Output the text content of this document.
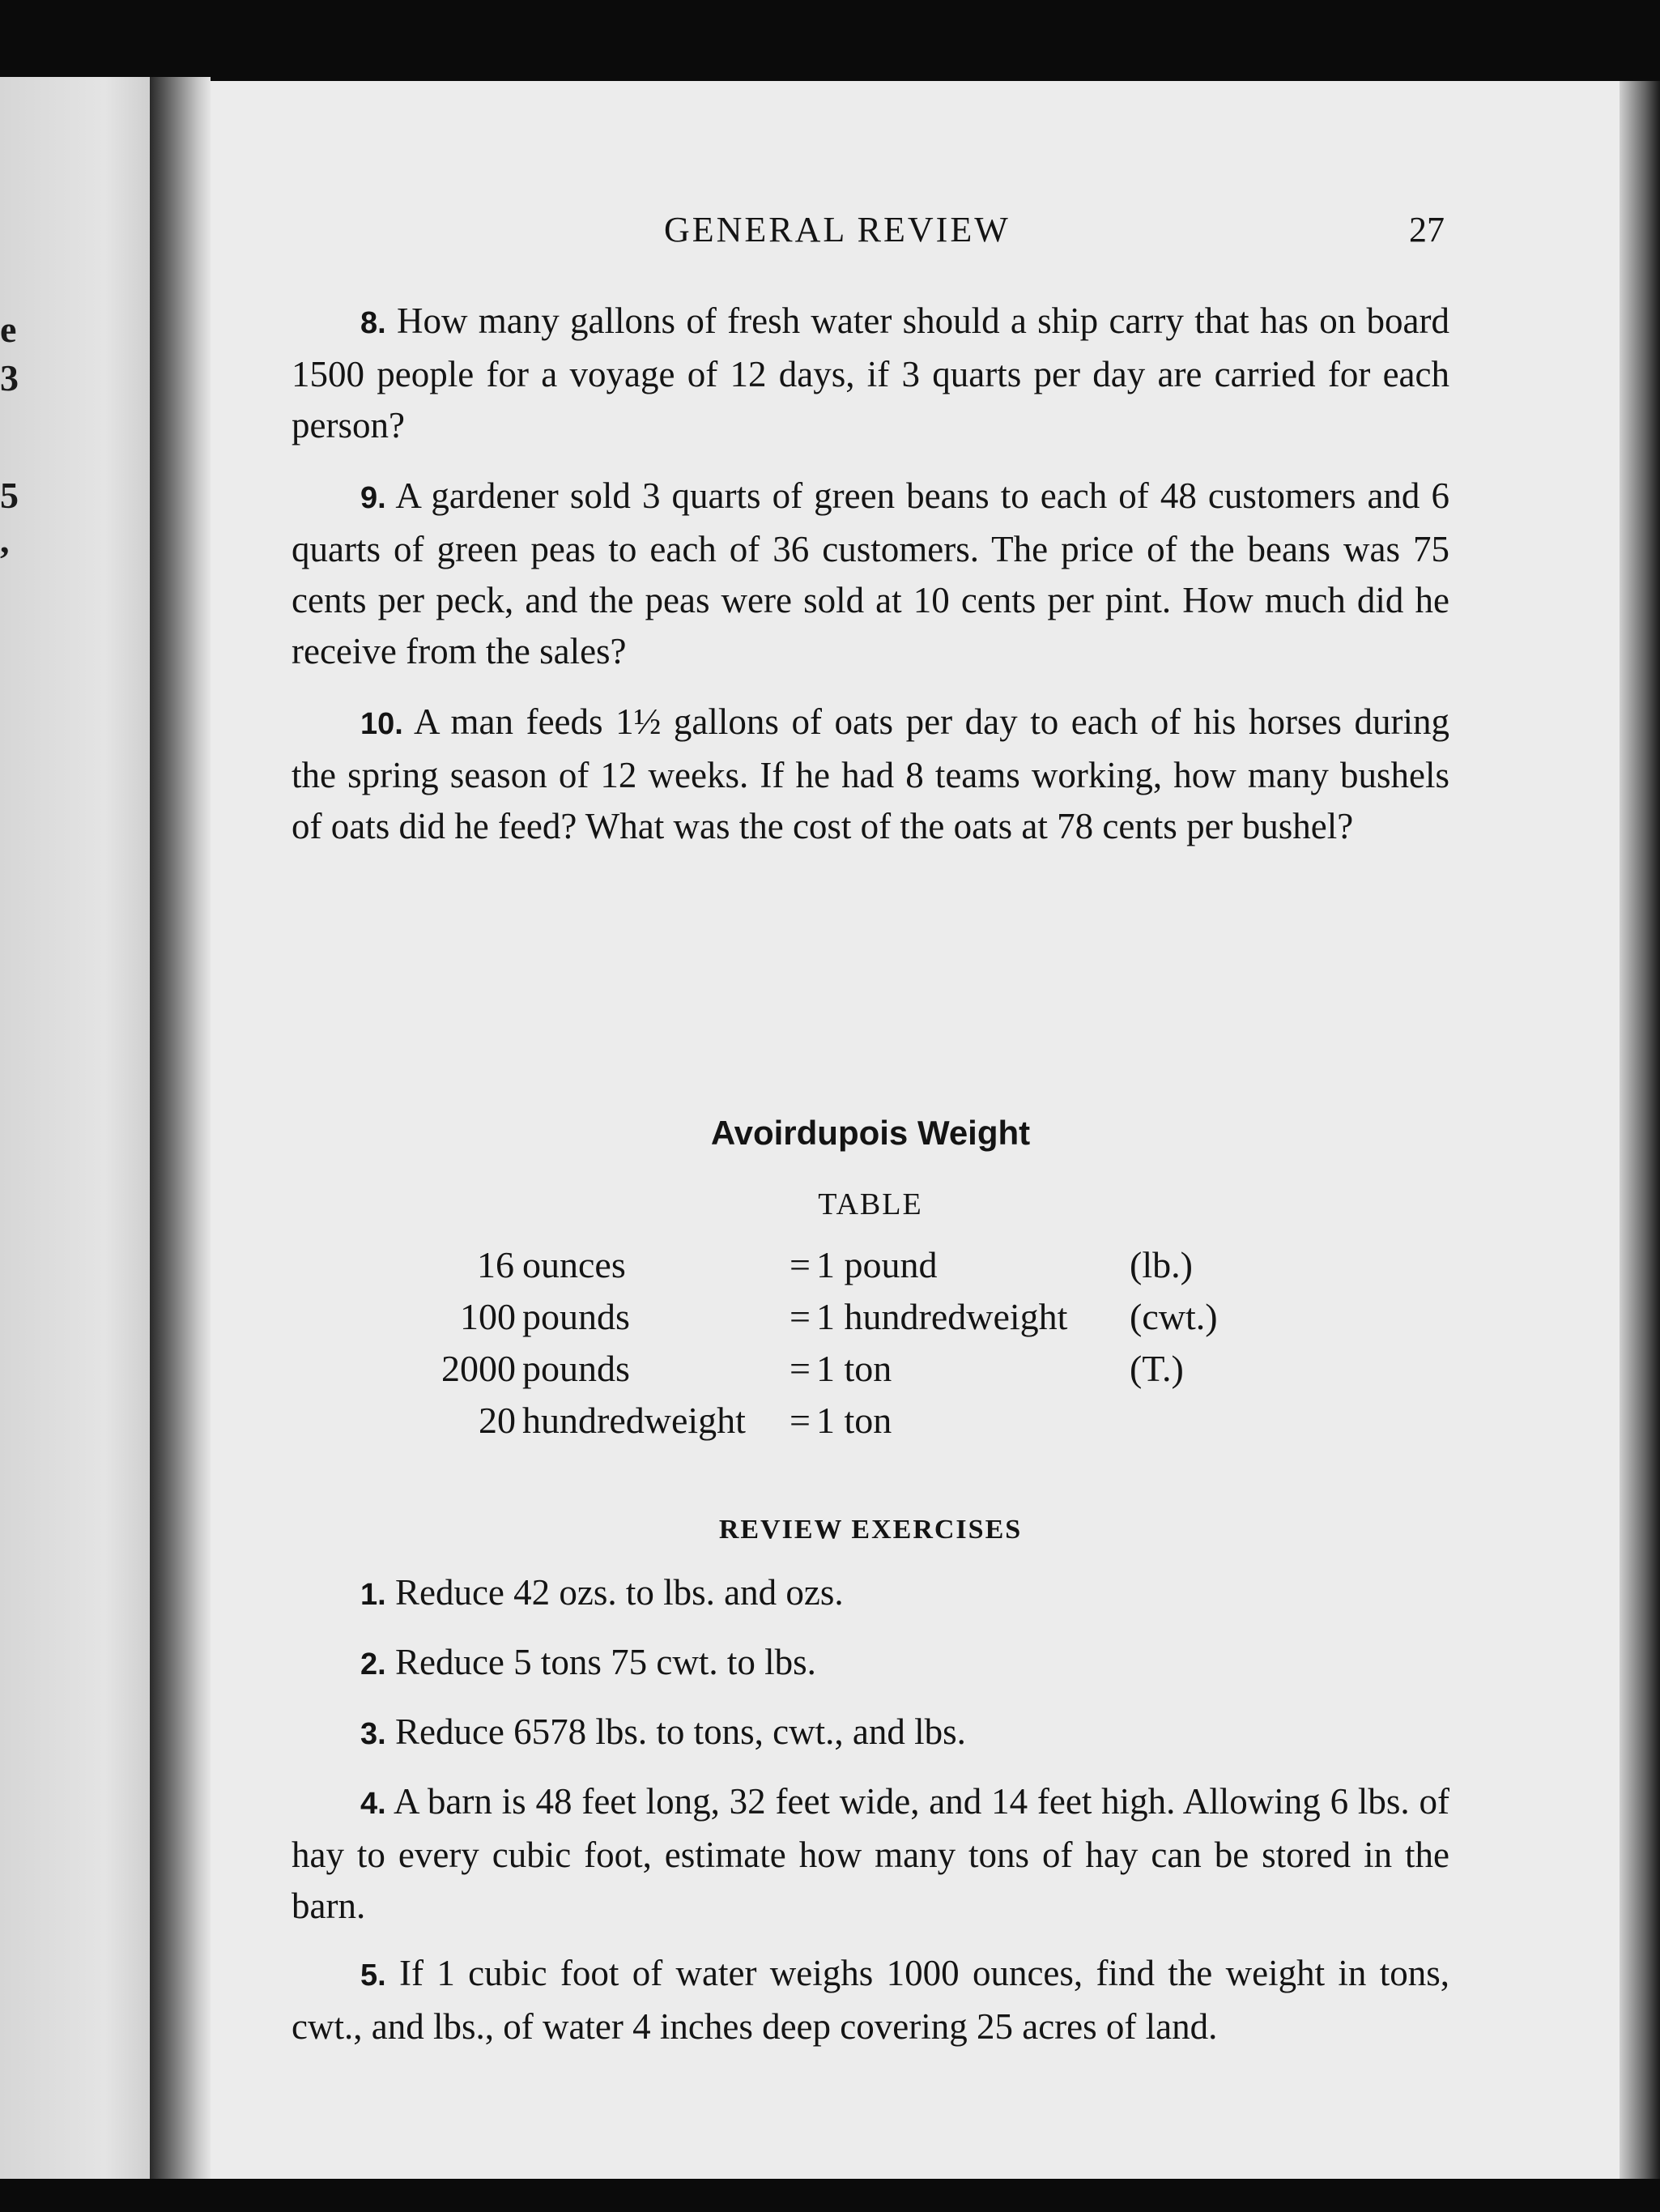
e
3
5
,
GENERAL REVIEW	27

8. How many gallons of fresh water should a ship carry that has on board 1500 people for a voyage of 12 days, if 3 quarts per day are carried for each person?

9. A gardener sold 3 quarts of green beans to each of 48 customers and 6 quarts of green peas to each of 36 customers. The price of the beans was 75 cents per peck, and the peas were sold at 10 cents per pint. How much did he receive from the sales?

10. A man feeds 1½ gallons of oats per day to each of his horses during the spring season of 12 weeks. If he had 8 teams working, how many bushels of oats did he feed? What was the cost of the oats at 78 cents per bushel?

Avoirdupois Weight
TABLE
16 ounces	= 1 pound	(lb.)
100 pounds	= 1 hundredweight (cwt.)
2000 pounds	= 1 ton	(T.)
20 hundredweight = 1 ton
REVIEW EXERCISES

1. Reduce 42 ozs. to lbs. and ozs.

2. Reduce 5 tons 75 cwt. to lbs.

3. Reduce 6578 lbs. to tons, cwt., and lbs.

4. A barn is 48 feet long, 32 feet wide, and 14 feet high. Allowing 6 lbs. of hay to every cubic foot, estimate how many tons of hay can be stored in the barn.

5. If 1 cubic foot of water weighs 1000 ounces, find the weight in tons, cwt., and lbs., of water 4 inches deep covering 25 acres of land.
